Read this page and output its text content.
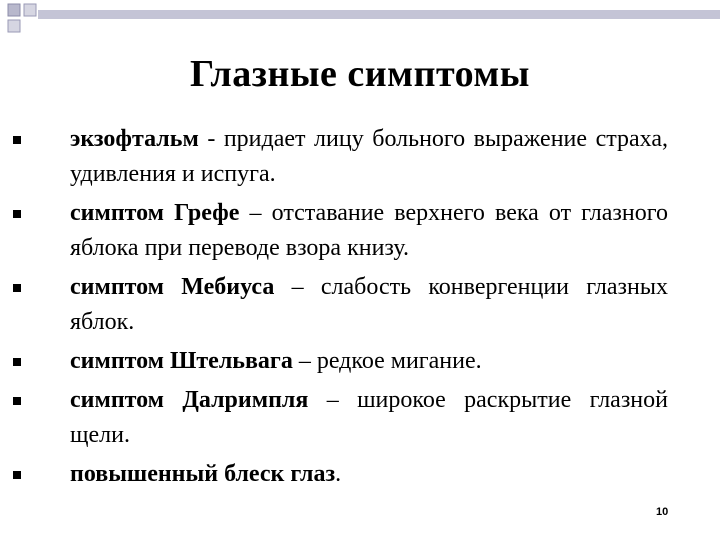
Глазные симптомы
экзофтальм - придает лицу больного выражение страха, удивления и испуга.
симптом Грефе – отставание верхнего века от глазного яблока при переводе взора книзу.
симптом Мебиуса – слабость конвергенции глазных яблок.
симптом Штельвага – редкое мигание.
симптом Далримпля – широкое раскрытие глазной щели.
повышенный блеск глаз.
10
